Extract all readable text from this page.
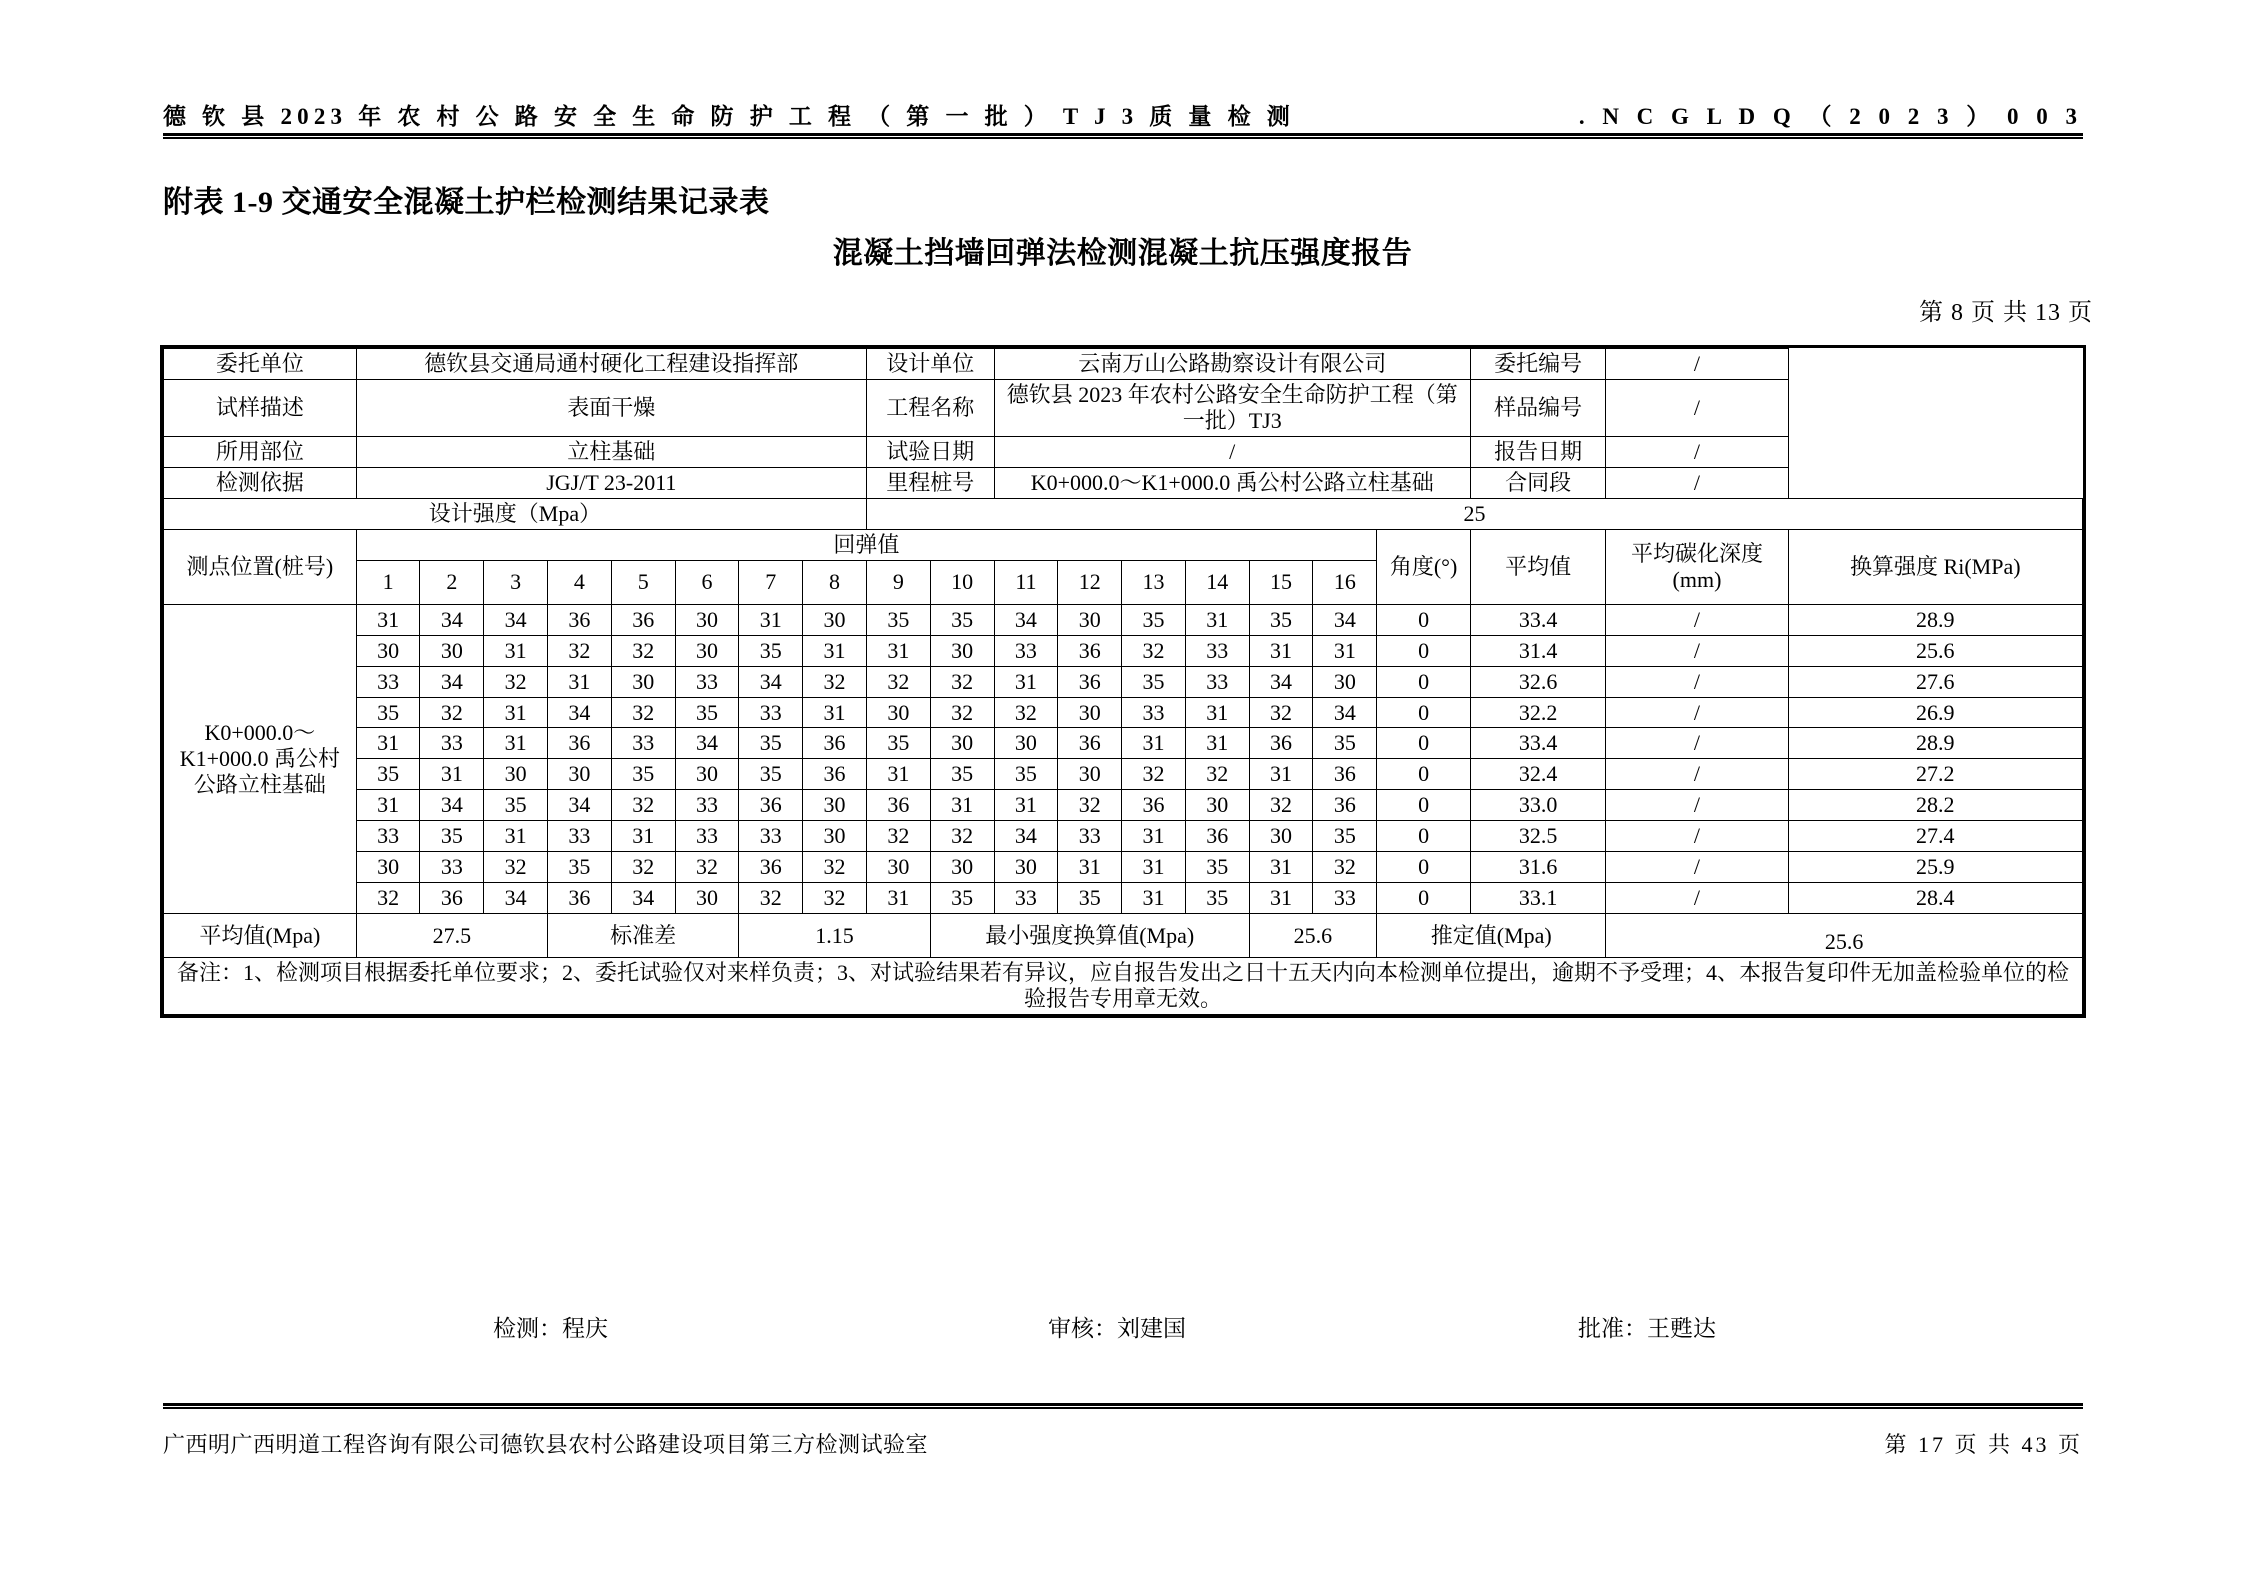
德 钦 县 2023 年 农 村 公 路 安 全 生 命 防 护 工 程 （ 第 一 批 ） T J 3 质 量 检 测	. N C G L D Q （ 2 0 2 3 ） 0 0 3
附表 1-9 交通安全混凝土护栏检测结果记录表
混凝土挡墙回弹法检测混凝土抗压强度报告
第 8 页 共 13 页
委托单位	德钦县交通局通村硬化工程建设指挥部								设计单位		云南万山公路勘察设计有限公司							委托编号	/	
试样描述	表面干燥								工程名称		德钦县 2023 年农村公路安全生命防护工程（第一批）TJ3							样品编号	/	
所用部位	立柱基础								试验日期		/							报告日期	/	
检测依据	JGJ/T 23-2011								里程桩号		K0+000.0～K1+000.0 禹公村公路立柱基础							合同段	/	
设计强度（Mpa）									25											
测点位置(桩号)	回弹值																角度(°)	平均值	平均碳化深度(mm)	换算强度 Ri(MPa)
	1	2	3	4	5	6	7	8	9	10	11	12	13	14	15	16				
K0+000.0～
K1+000.0 禹公村
公路立柱基础	31	34	34	36	36	30	31	30	35	35	34	30	35	31	35	34	0	33.4	/	28.9
	30	30	31	32	32	30	35	31	31	30	33	36	32	33	31	31	0	31.4	/	25.6
	33	34	32	31	30	33	34	32	32	32	31	36	35	33	34	30	0	32.6	/	27.6
	35	32	31	34	32	35	33	31	30	32	32	30	33	31	32	34	0	32.2	/	26.9
	31	33	31	36	33	34	35	36	35	30	30	36	31	31	36	35	0	33.4	/	28.9
	35	31	30	30	35	30	35	36	31	35	35	30	32	32	31	36	0	32.4	/	27.2
	31	34	35	34	32	33	36	30	36	31	31	32	36	30	32	36	0	33.0	/	28.2
	33	35	31	33	31	33	33	30	32	32	34	33	31	36	30	35	0	32.5	/	27.4
	30	33	32	35	32	32	36	32	30	30	30	31	31	35	31	32	0	31.6	/	25.9
	32	36	34	36	34	30	32	32	31	35	33	35	31	35	31	33	0	33.1	/	28.4
平均值(Mpa)	27.5			标准差			1.15			最小强度换算值(Mpa)					25.6		推定值(Mpa)		25.6	
备注：1、检测项目根据委托单位要求；2、委托试验仅对来样负责；3、对试验结果若有异议，应自报告发出之日十五天内向本检测单位提出，逾期不予受理；4、本报告复印件无加盖检验单位的检验报告专用章无效。																				
检测：程庆	审核：刘建国	批准：王甦达
广西明广西明道工程咨询有限公司德钦县农村公路建设项目第三方检测试验室	第 17 页 共 43 页
